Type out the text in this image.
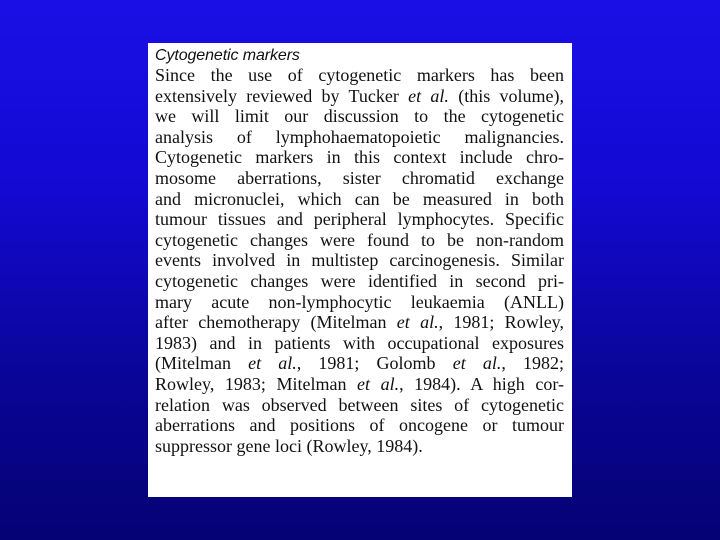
Cytogenetic markers

Since the use of cytogenetic markers has been
extensively reviewed by Tucker et al. (this volume),
we will limit our discussion to the cytogenetic
analysis of lymphohaematopoietic malignancies.
Cytogenetic markers in this context include chro-
mosome aberrations, sister chromatid exchange
and micronuclei, which can be measured in both
tumour tissues and peripheral lymphocytes. Specific
cytogenetic changes were found to be non-random
events involved in multistep carcinogenesis. Similar
cytogenetic changes were identified in second pri-
mary acute non-lymphocytic leukaemia (ANLL)
after chemotherapy (Mitelman et al., 1981; Rowley,
1983) and in patients with occupational exposures
(Mitelman et al., 1981; Golomb et al., 1982;
Rowley, 1983; Mitelman et al., 1984). A high cor-
relation was observed between sites of cytogenetic
aberrations and positions of oncogene or tumour
suppressor gene loci (Rowley, 1984).
